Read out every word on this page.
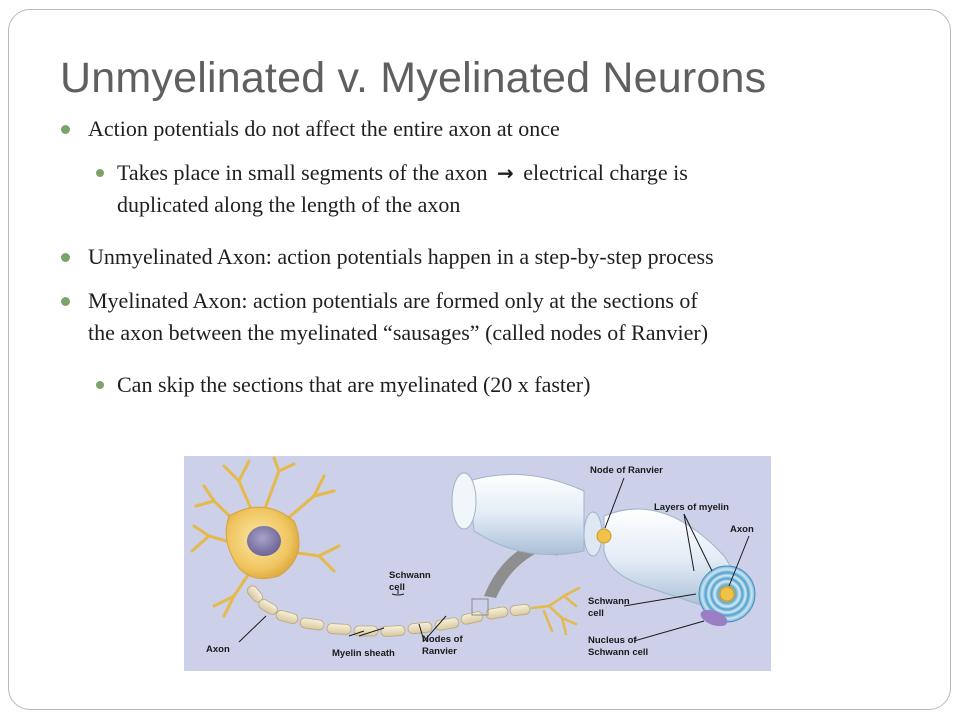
Unmyelinated v. Myelinated Neurons
Action potentials do not affect the entire axon at once
Takes place in small segments of the axon → electrical charge is
duplicated along the length of the axon
Unmyelinated Axon: action potentials happen in a step-by-step process
Myelinated Axon: action potentials are formed only at the sections of
the axon between the myelinated “sausages” (called nodes of Ranvier)
Can skip the sections that are myelinated (20 x faster)
Axon	Myelin sheath
Schwann
cell
Nodes of
Ranvier
Node of Ranvier
Layers of myelin
Axon
Schwann
cell
Nucleus of
Schwann cell
